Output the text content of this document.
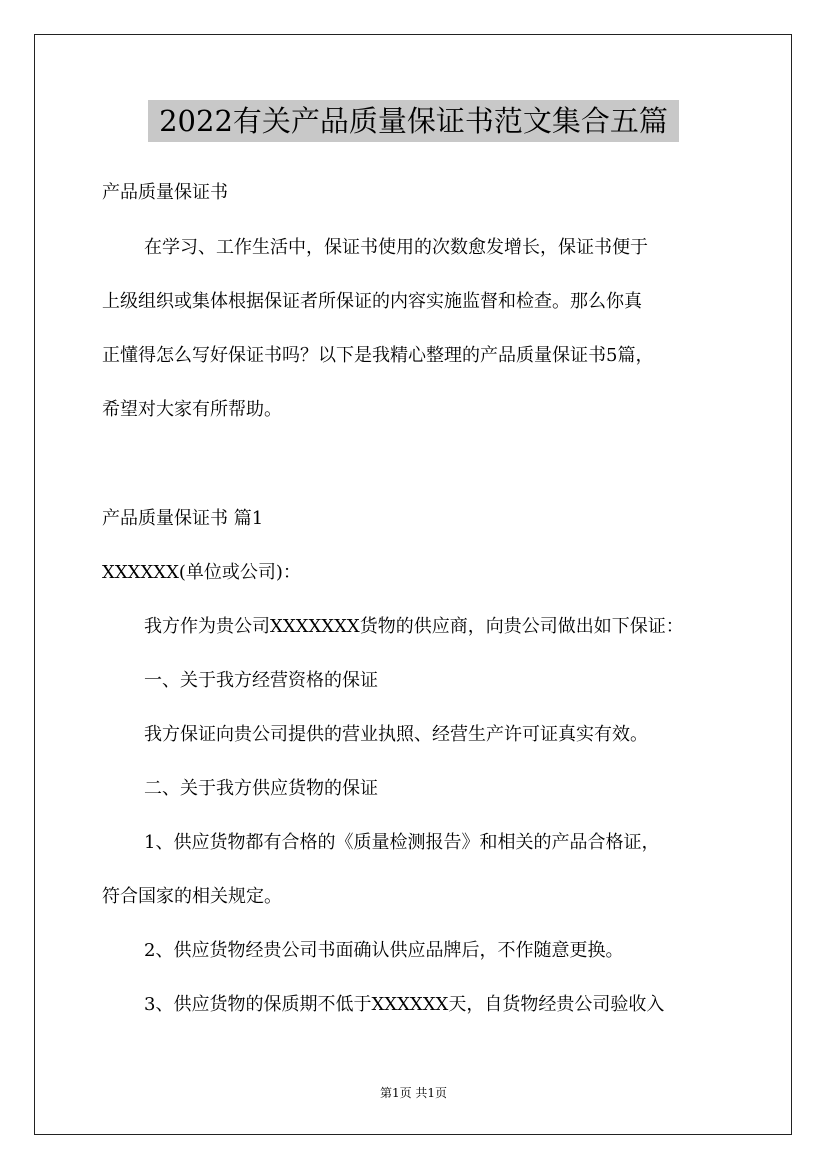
2022有关产品质量保证书范文集合五篇
产品质量保证书
在学习、工作生活中，保证书使用的次数愈发增长，保证书便于
上级组织或集体根据保证者所保证的内容实施监督和检查。那么你真
正懂得怎么写好保证书吗？以下是我精心整理的产品质量保证书5篇，
希望对大家有所帮助。
产品质量保证书 篇1
XXXXXX(单位或公司)：
我方作为贵公司XXXXXXX货物的供应商，向贵公司做出如下保证：
一、关于我方经营资格的保证
我方保证向贵公司提供的营业执照、经营生产许可证真实有效。
二、关于我方供应货物的保证
1、供应货物都有合格的《质量检测报告》和相关的产品合格证，
符合国家的相关规定。
2、供应货物经贵公司书面确认供应品牌后，不作随意更换。
3、供应货物的保质期不低于XXXXXX天，自货物经贵公司验收入
第1页 共1页
